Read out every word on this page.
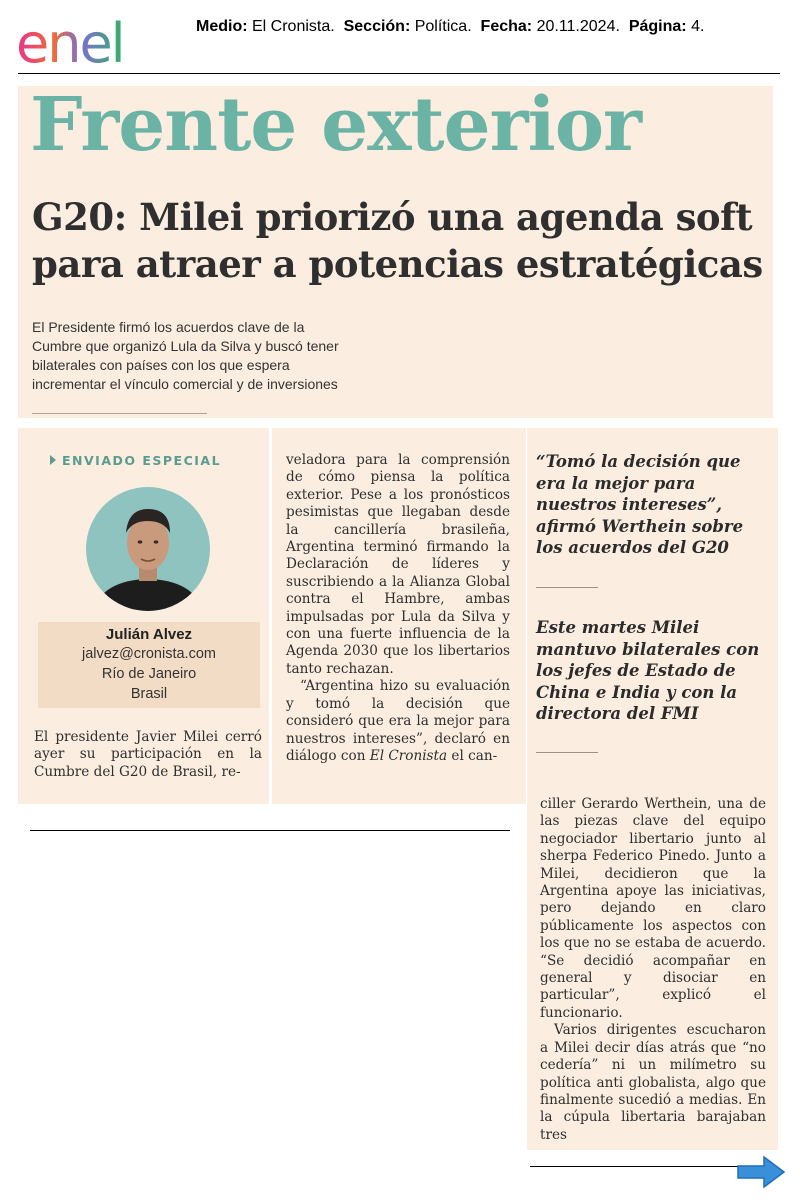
enel	Medio: El Cronista. Sección: Política. Fecha: 20.11.2024. Página: 4.
Frente exterior
G20: Milei priorizó una agenda soft
para atraer a potencias estratégicas
El Presidente firmó los acuerdos clave de la
Cumbre que organizó Lula da Silva y buscó tener
bilaterales con países con los que espera
incrementar el vínculo comercial y de inversiones
ENVIADO ESPECIAL
Julián Alvez
jalvez@cronista.com
Río de Janeiro
Brasil

El presidente Javier Milei cerró ayer su participación en la Cumbre del G20 de Brasil, re-

veladora para la comprensión de cómo piensa la política exterior. Pese a los pronósticos pesimistas que llegaban desde la cancillería brasileña, Argentina terminó firmando la Declaración de líderes y suscribiendo a la Alianza Global contra el Hambre, ambas impulsadas por Lula da Silva y con una fuerte influencia de la Agenda 2030 que los libertarios tanto rechazan.

“Argentina hizo su evaluación y tomó la decisión que consideró que era la mejor para nuestros intereses”, declaró en diálogo con El Cronista el can-

“Tomó la decisión que era la mejor para nuestros intereses”, afirmó Werthein sobre los acuerdos del G20
Este martes Milei mantuvo bilaterales con los jefes de Estado de China e India y con la directora del FMI

ciller Gerardo Werthein, una de las piezas clave del equipo negociador libertario junto al sherpa Federico Pinedo. Junto a Milei, decidieron que la Argentina apoye las iniciativas, pero dejando en claro públicamente los aspectos con los que no se estaba de acuerdo. “Se decidió acompañar en general y disociar en particular”, explicó el funcionario.

Varios dirigentes escucharon a Milei decir días atrás que “no cedería” ni un milímetro su política anti globalista, algo que finalmente sucedió a medias. En la cúpula libertaria barajaban tres
